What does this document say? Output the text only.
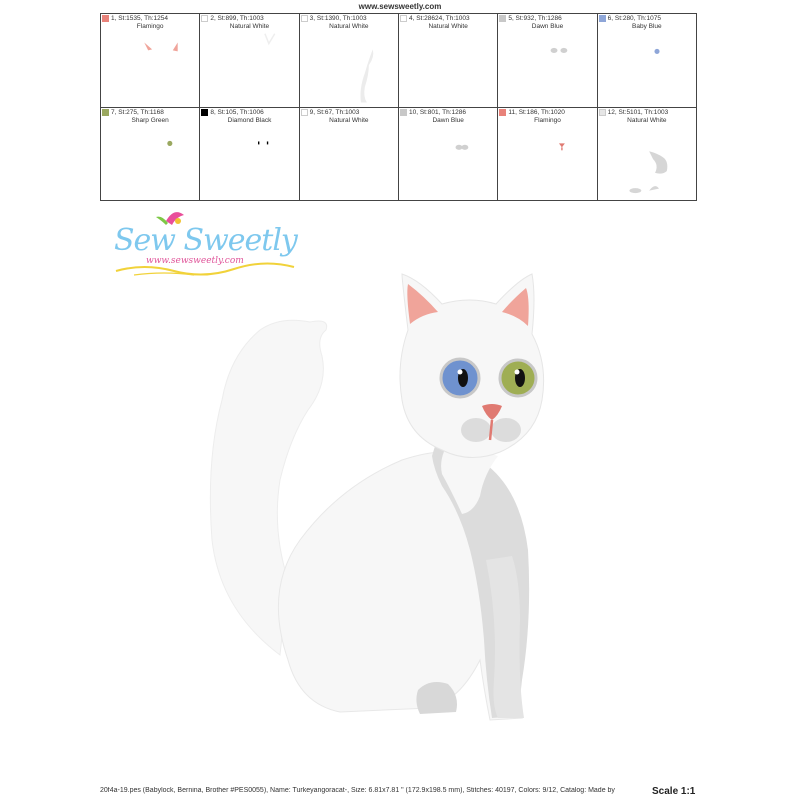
www.sewsweetly.com
1, St:1535, Th:1254
Flamingo
2, St:899, Th:1003
Natural White
3, St:1390, Th:1003
Natural White
4, St:28624, Th:1003
Natural White
5, St:932, Th:1286
Dawn Blue
6, St:280, Th:1075
Baby Blue
7, St:275, Th:1168
Sharp Green
8, St:105, Th:1006
Diamond Black
9, St:67, Th:1003
Natural White
10, St:801, Th:1286
Dawn Blue
11, St:186, Th:1020
Flamingo
12, St:5101, Th:1003
Natural White
Sew Sweetly
www.sewsweetly.com
20f4a-19.pes (Babylock, Bernina, Brother #PES0055), Name: Turkeyangoracat-, Size: 6.81x7.81 " (172.9x198.5 mm), Stitches: 40197, Colors: 9/12, Catalog: Made by	Scale 1:1
